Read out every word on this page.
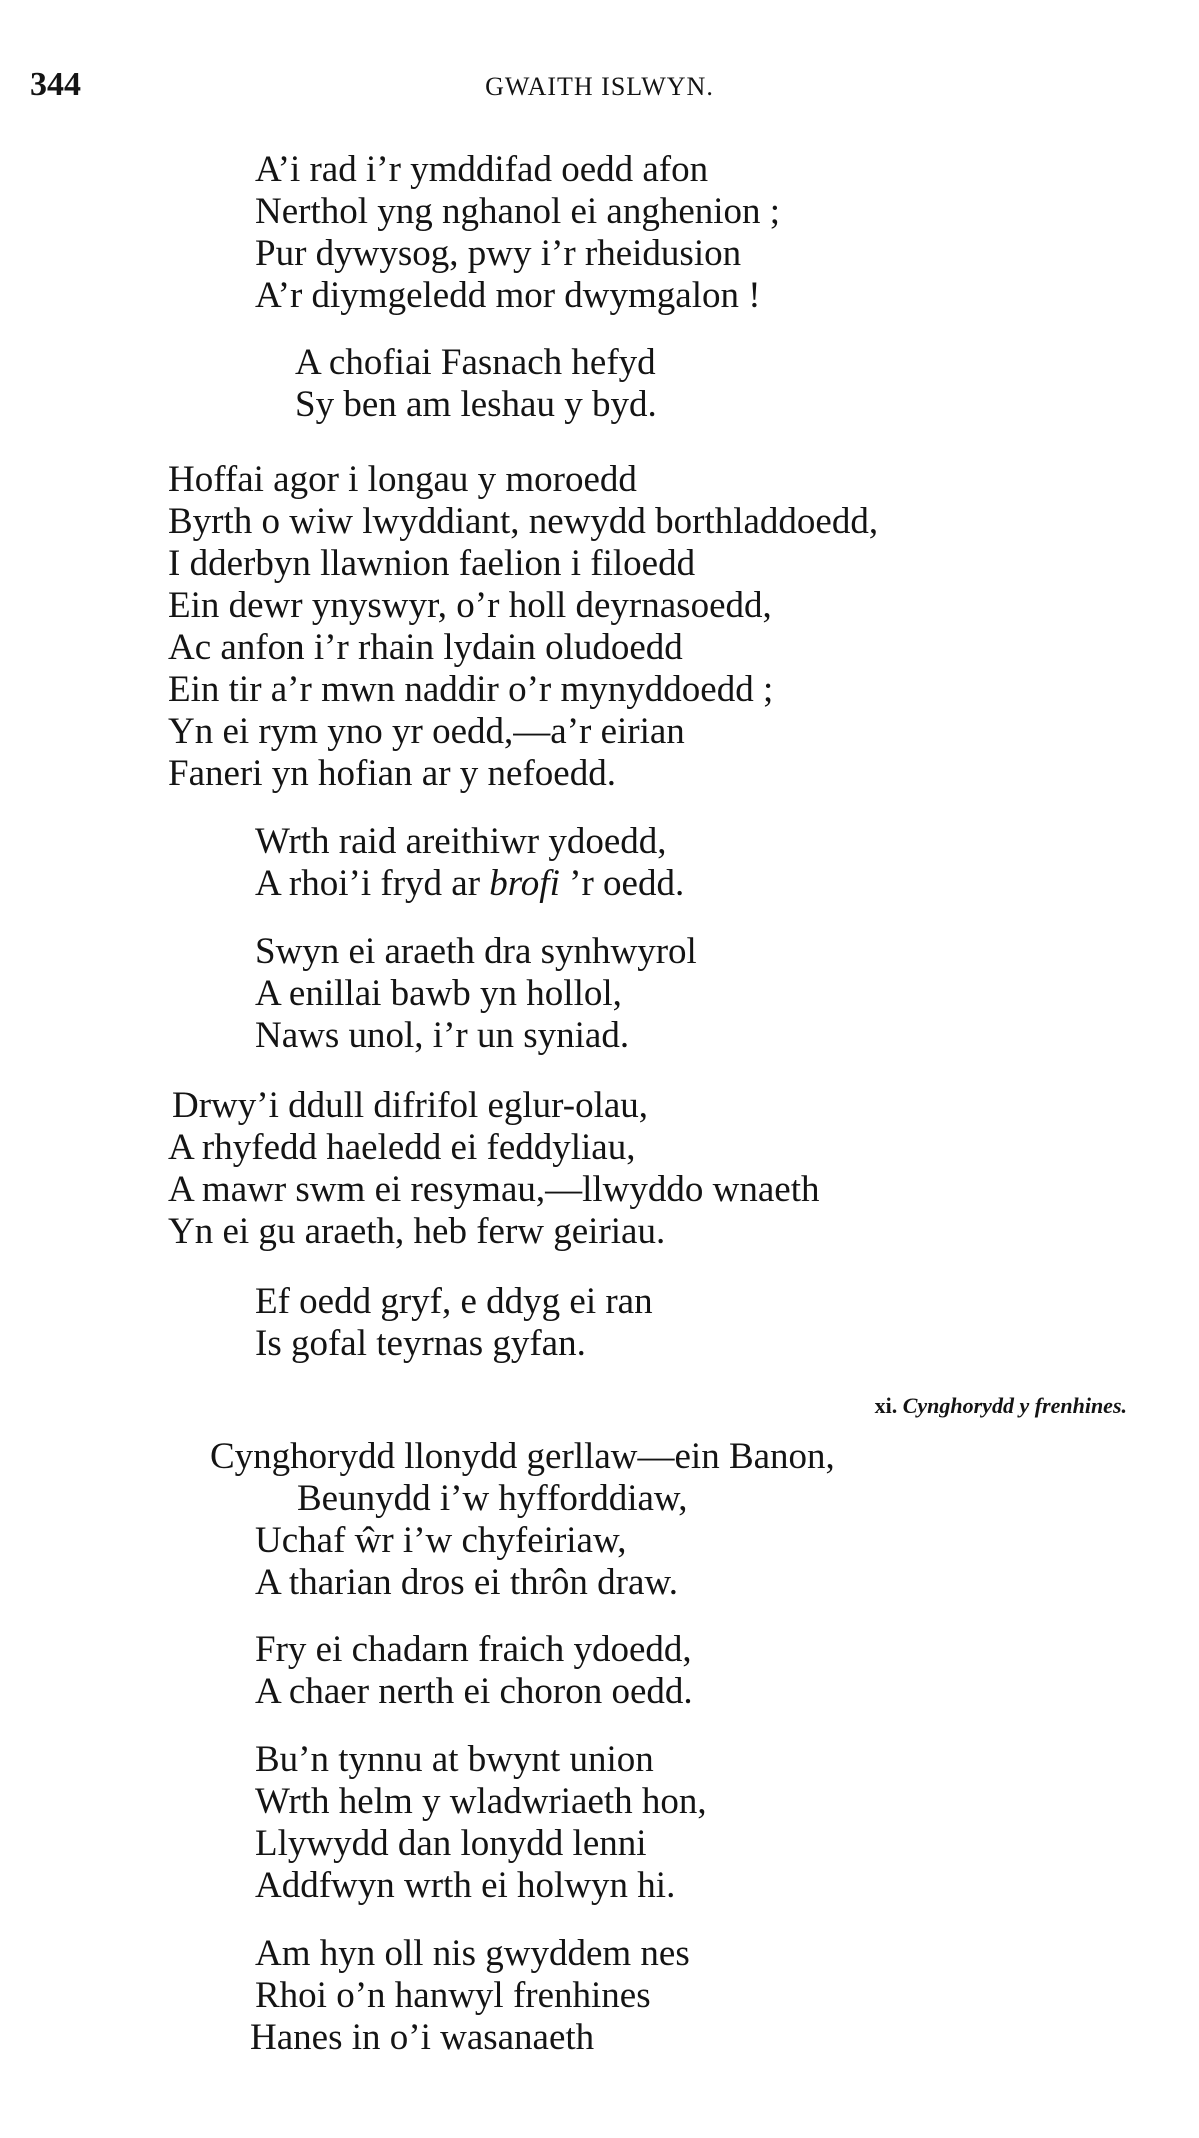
344	GWAITH ISLWYN.
xi. Cynghorydd y frenhines.
A’i rad i’r ymddifad oedd afon
Nerthol yng nghanol ei anghenion ;
Pur dywysog, pwy i’r rheidusion
A’r diymgeledd mor dwymgalon !
A chofiai Fasnach hefyd
Sy ben am leshau y byd.
Hoffai agor i longau y moroedd
Byrth o wiw lwyddiant, newydd borthladdoedd,
I dderbyn llawnion faelion i filoedd
Ein dewr ynyswyr, o’r holl deyrnasoedd,
Ac anfon i’r rhain lydain oludoedd
Ein tir a’r mwn naddir o’r mynyddoedd ;
Yn ei rym yno yr oedd,—a’r eirian
Faneri yn hofian ar y nefoedd.
Wrth raid areithiwr ydoedd,
A rhoi’i fryd ar brofi ’r oedd.
Swyn ei araeth dra synhwyrol
A enillai bawb yn hollol,
Naws unol, i’r un syniad.
Drwy’i ddull difrifol eglur-olau,
A rhyfedd haeledd ei feddyliau,
A mawr swm ei resymau,—llwyddo wnaeth
Yn ei gu araeth, heb ferw geiriau.
Ef oedd gryf, e ddyg ei ran
Is gofal teyrnas gyfan.
Cynghorydd llonydd gerllaw—ein Banon,
Beunydd i’w hyfforddiaw,
Uchaf ŵr i’w chyfeiriaw,
A tharian dros ei thrôn draw.
Fry ei chadarn fraich ydoedd,
A chaer nerth ei choron oedd.
Bu’n tynnu at bwynt union
Wrth helm y wladwriaeth hon,
Llywydd dan lonydd lenni
Addfwyn wrth ei holwyn hi.
Am hyn oll nis gwyddem nes
Rhoi o’n hanwyl frenhines
Hanes in o’i wasanaeth
